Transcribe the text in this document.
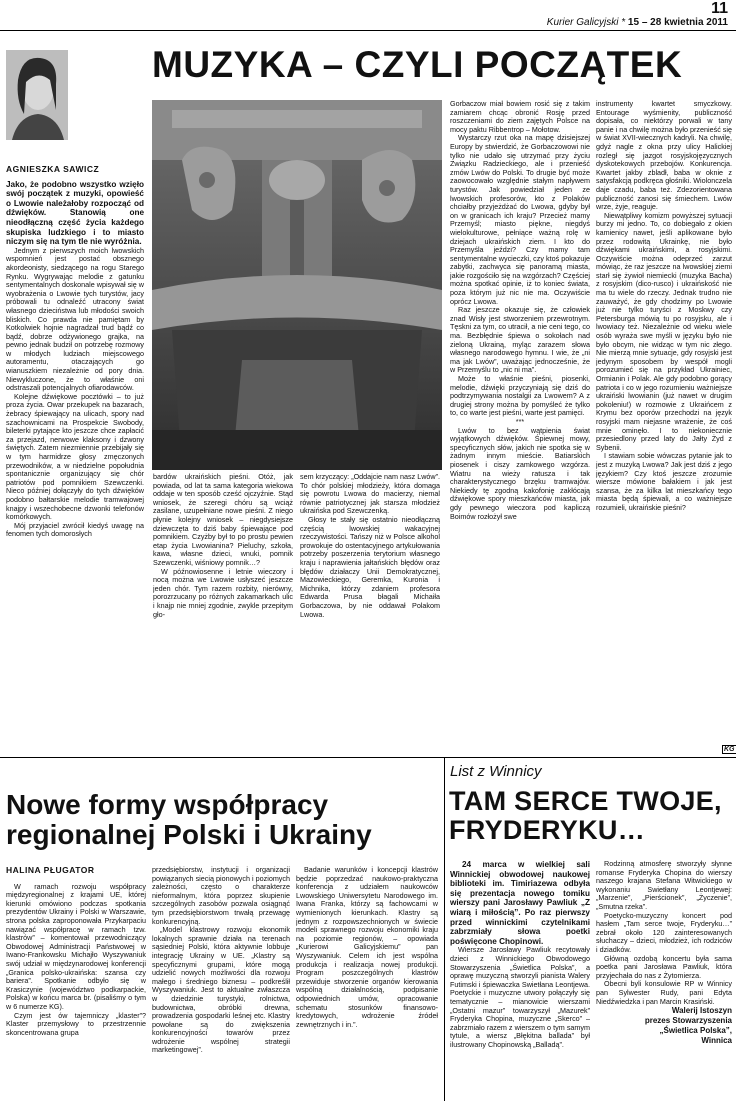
11
Kurier Galicyjski * 15 – 28 kwietnia 2011
MUZYKA – CZYLI POCZĄTEK
AGNIESZKA SAWICZ
Jako, że podobno wszystko wzięło swój początek z muzyki, opowieść o Lwowie należałoby rozpocząć od dźwięków. Stanowią one nieodłączną część życia każdego skupiska ludzkiego i to miasto niczym się na tym tle nie wyróżnia.

Jednym z pierwszych moich lwowskich wspomnień jest postać obsznego akordeonisty, siedzącego na rogu Starego Rynku. Wygrywając melodie z gatunku sentymentalnych doskonale wpisywał się w wyobrażenia o Lwowie tych turystów, jacy próbowali tu odnaleźć utracony świat własnego dzieciństwa lub młodości swoich bliskich. Co prawda nie pamiętam by Kotkolwiek hojnie nagradzał trud bądź co bądź, dobrze odżywionego grajka, na pewno jednak budził on potrzebę rozmowy w młodych ludziach miejscowego autoramentu, otaczających go wianuszkiem niezależnie od pory dnia. Niewykluczone, że to właśnie oni odstraszali potencjalnych ofiarodawców.

Kolejne dźwiękowe pocztówki – to już proza życia. Owar przekupek na bazarach, żebracy śpiewający na ulicach, spory nad szachownicami na Prospekcie Swobody, bileterki pytające kto jeszcze chce zapłacić za przejazd, nerwowe klaksony i dzwony świętych. Zatem niezmiennie przebijały się w tym harmidrze głosy zmęczonych przewodników, a w niedzielne popołudnia spontanicznie organizujący się chór patriotów pod pomnikiem Szewczenki. Nieco później dołączyły do tych dźwięków podobno bałtarskie melodie tramwajowej knajpy i wszechobecne dzwonki telefonów komórkowych.

Mój przyjaciel zwrócił kiedyś uwagę na fenomen tych domorosłych

bardów ukraińskich pieśni. Otóż, jak powiada, od lat ta sama kategoria wiekowa oddaje w ten sposób cześć ojczyźnie. Stąd wniosek, że szeregi chóru są wciąż zasilane, uzupełniane nowe pieśni. Z niego płynie kolejny wniosek – niegdysiejsze dziewczęta to dziś baby śpiewające pod pomnikiem. Czyżby był to po prostu pewien etap życia Lwowianina? Pieluchy, szkoła, kawa, własne dzieci, wnuki, pomnik Szewczenki, wiśniowy pomnik…?

W późnowiosenne i letnie wieczory i nocą można we Lwowie usłyszeć jeszcze jeden chór. Tym razem rozbity, nierówny, porozrzucany po różnych zakamarkach ulic i knajp nie mniej zgodnie, zwykle przepitym gło-

sem krzyczący: „Oddajcie nam nasz Lwów”. To chór polskiej młodzieży, która domaga się powrotu Lwowa do macierzy, niemal równie patriotycznej jak starsza młodzież ukraińska pod Szewczenką.

Głosy te stały się ostatnio nieodłączną częścią lwowskiej wakacyjnej rzeczywistości. Tańszy niż w Polsce alkohol prowokuje do ostentacyjnego artykułowania potrzeby poszerzenia terytorium własnego kraju i naprawienia jałtańskich błędów oraz błędów działaczy Unii Demokratycznej, Mazowieckiego, Geremka, Kuronia i Michnika, którzy zdaniem profesora Edwarda Prusa błagali Michaiła Gorbaczowa, by nie oddawał Polakom Lwowa.

Gorbaczow miał bowiem rosić się z takim zamiarem chcąc obronić Rosję przed roszczeniami do ziem zajętych Polsce na mocy paktu Ribbentrop – Mołotow.

Wystarczy rzut oka na mapę dzisiejszej Europy by stwierdzić, że Gorbaczowowi nie tylko nie udało się utrzymać przy życiu Związku Radzieckiego, ale i przenieść zmów Lwów do Polski. To drugie być może zaowocowało względnie stałym napływem turystów. Jak powiedział jeden ze lwowskich profesorów, kto z Polaków chciałby przyjeżdżać do Lwowa, gdyby był on w granicach ich kraju? Przecież mamy Przemyśl; miasto piękne, niegdyś wielokulturowe, pełniące ważną rolę w dziejach ukraińskich ziem. I kto do Przemyśla jeździ? Czy mamy tam sentymentalne wycieczki, czy ktoś pokazuje zabytki, zachwyca się panoramą miasta, jakie rozgościło się na wzgórzach? Częściej można spotkać opinie, iż to koniec świata, poza którym już nic nie ma. Oczywiście oprócz Lwowa.

Raz jeszcze okazuje się, że człowiek znad Wisły jest stworzeniem przewrotnym. Tęskni za tym, co utracił, a nie ceni tego, co ma. Bezbłędnie śpiewa o sokołach nad zieloną Ukrainą, myląc zarazem słowa własnego narodowego hymnu. I wie, że „ni ma jak Lwów”, uważając jednocześnie, że w Przemyślu to „nic ni ma”.

Może to właśnie pieśni, piosenki, melodie, dźwięki przyczyniają się dziś do podtrzymywania nostalgii za Lwowem? A z drugiej strony można by pomyśleć że tylko to, co warte jest pieśni, warte jest pamięci.

***

Lwów to bez wątpienia świat wyjątkowych dźwięków. Śpiewnej mowy, specyficznych słów, jakich nie spotka się w żadnym innym mieście. Batiarskich piosenek i ciszy zamkowego wzgórza. Wiatru na wieży ratusza i tak charakterystycznego brzęku tramwajów. Niekiedy tę zgodną kakofonię zakłócają dźwiękowe spory mieszkańców miasta, jak gdy pewnego wieczora pod kapliczą Boimów rozłożył swe

instrumenty kwartet smyczkowy. Entourage wyśmienity, publiczność dopisała, co niektórzy porwali w tany panie i na chwilę można było przenieść się w świat XVII-wiecznych kadryli. Na chwilę, gdyż nagle z okna przy ulicy Halickiej rozległ się jazgot rosyjskojęzycznych dyskotekowych przebojów. Konkurencja. Kwartet jakby zbladł, baba w oknie z satysfakcją podkręca głośniki. Wiolonczela daje czadu, baba też. Zdezorientowana publiczność zanosi się śmiechem. Lwów wrze, żyje, reaguje.

Niewątpliwy komizm powyższej sytuacji burzy mi jedno. To, co dobiegało z okien kamienicy nawet, jeśli aplikowane było przez rodowitą Ukrainkę, nie było dźwiękami ukraińskimi, a rosyjskimi. Oczywiście można odeprzeć zarzut mówiąc, że raz jeszcze na lwowskiej ziemi starł się żywioł niemiecki (muzyka Bacha) z rosyjskim (dico-rusco) i ukraińskość nie ma tu wiele do rzeczy. Jednak trudno nie zauważyć, że gdy chodzimy po Lwowie już nie tylko turyści z Moskwy czy Petersburga mówią tu po rosyjsku, ale i lwowiacy też. Niezależnie od wieku wiele osób wyraża swe myśli w języku było nie było obcym, nie widząc w tym nic złego. Nie mierzą mnie sytuacje, gdy rosyjski jest jedynym sposobem by wespół mogli porozumieć się na przykład Ukrainiec, Ormianin i Polak. Ale gdy podobno gorący patriota i co w jego rozumieniu ważniejsze ukraiński lwowianin (już nawet w drugim pokoleniu!) w rozmowie z Ukraińcem z Krymu bez oporów przechodzi na język rosyjski mam niejasne wrażenie, że coś mnie ominęło. I to niekoniecznie przesiedlony przed laty do Jałty Żyd z Sybenii.

I stawiam sobie wówczas pytanie jak to jest z muzyką Lwowa? Jak jest dziś z jego językiem? Czy ktoś jeszcze zrozumie wiersze mówione bałakiem i jak jest szansa, że za kilka lat mieszkańcy tego miasta będą śpiewali, a co ważniejsze rozumieli, ukraińskie pieśni?

KG
Nowe formy współpracy regionalnej Polski i Ukrainy
HALINA PŁUGATOR

W ramach rozwoju współpracy międzyregionalnej z krajami UE, której kierunki omówiono podczas spotkania prezydentów Ukrainy i Polski w Warszawie, strona polska zaproponowała Przykarpaciu nawiązać współpracę w ramach tzw. klastrów” – komentował przewodniczący Obwodowej Administracji Państwowej w Iwano-Frankowsku Michajło Wyszywaniuk swój udział w międzynarodowej konferencji „Granica polsko-ukraińska: szansa czy bariera”. Spotkanie odbyło się w Krasiczynie (województwo podkarpackie, Polska) w końcu marca br. (pisaliśmy o tym w 6 numerze KG).

Czym jest ów tajemniczy „klaster”? Klaster przemysłowy to przestrzennie skoncentrowana grupa

przedsiębiorstw, instytucji i organizacji powiązanych siecią pionowych i poziomych zależności, często o charakterze nieformalnym, która poprzez skupienie szczególnych zasobów pozwala osiągnąć tym przedsiębiorstwom trwałą przewagę konkurencyjną.

„Model klastrowy rozwoju ekonomik lokalnych sprawnie działa na terenach sąsiedniej Polski, która aktywnie lobbuje integrację Ukrainy w UE. „Klastry są specyficznymi grupami, które mogą udzielić nowych możliwości dla rozwoju małego i średniego biznesu – podkreślił Wyszywaniuk. Jest to aktualne zwłaszcza w dziedzinie turystyki, rolnictwa, budownictwa, obróbki drewna, prowadzenia gospodarki leśnej etc. Klastry powołane są do zwiększenia konkurencyjności towarów przez wdrożenie wspólnej strategii marketingowej”.

Badanie warunków i koncepcji klastrów będzie poprzedzać naukowo-praktyczna konferencja z udziałem naukowców Lwowskiego Uniwersytetu Narodowego im. Iwana Franka, którzy są fachowcami w wymienionych kierunkach. Klastry są jednym z rozpowszechnionych w świecie modeli sprawnego rozwoju ekonomiki kraju na poziomie regionów, – opowiada „Kurierowi Galicyjskiemu” pan Wyszywaniuk. Celem ich jest wspólna produkcja i realizacja nowej produkcji. Program poszczególnych klastrów przewiduje stworzenie organów kierowania wspólną działalnością, podpisanie odpowiednich umów, opracowanie schematu stosunków finansowo-kredytowych, wdrożenie źródeł zewnętrznych i in.”.

List z Winnicy
TAM SERCE TWOJE, FRYDERYKU…
24 marca w wielkiej sali Winnickiej obwodowej naukowej biblioteki im. Timiriazewa odbyła się prezentacja nowego tomiku wierszy pani Jarosławy Pawliuk „Z wiarą i miłością”. Po raz pierwszy przed winnickimi czytelnikami zabrzmiały słowa poetki poświęcone Chopinowi.

Wiersze Jarosławy Pawliuk recytowały dzieci z Winnickiego Obwodowego Stowarzyszenia „Świetlica Polska”, a oprawę muzyczną stworzyli pianista Walery Futimski i śpiewaczka Swietłana Leontjewa. Poetyckie i muzyczne utwory połączyły się tematycznie – mianowicie wierszami „Ostatni mazur” towarzyszył „Mazurek” Fryderyka Chopina, muzyczne „Skerco” – zabrzmiało razem z wierszem o tym samym tytule, a wiersz „Błękitna ballada” był ilustrowany Chopinowską „Balladą”.

Rodzinną atmosferę stworzyły słynne romanse Fryderyka Chopina do wierszy naszego krajana Stefana Witwickiego w wykonaniu Swietłany Leontjewej: „Marzenie”, „Pierścionek”, „Życzenie”, „Smutna rzeka”.

Poetycko-muzyczny koncert pod hasłem „Tam serce twoje, Fryderyku…” zebrał około 120 zainteresowanych słuchaczy – dzieci, młodzież, ich rodziców i dziadków.

Główną ozdobą koncertu była sama poetka pani Jarosława Pawliuk, która przyjechała do nas z Żytomierza.

Obecni byli konsulowie RP w Winnicy pan Sylwester Rudy, pani Edyta Niedźwiedzka i pan Marcin Krasiński.

Walerij Istoszyn
prezes Stowarzyszenia
„Świetlica Polska”,
Winnica
